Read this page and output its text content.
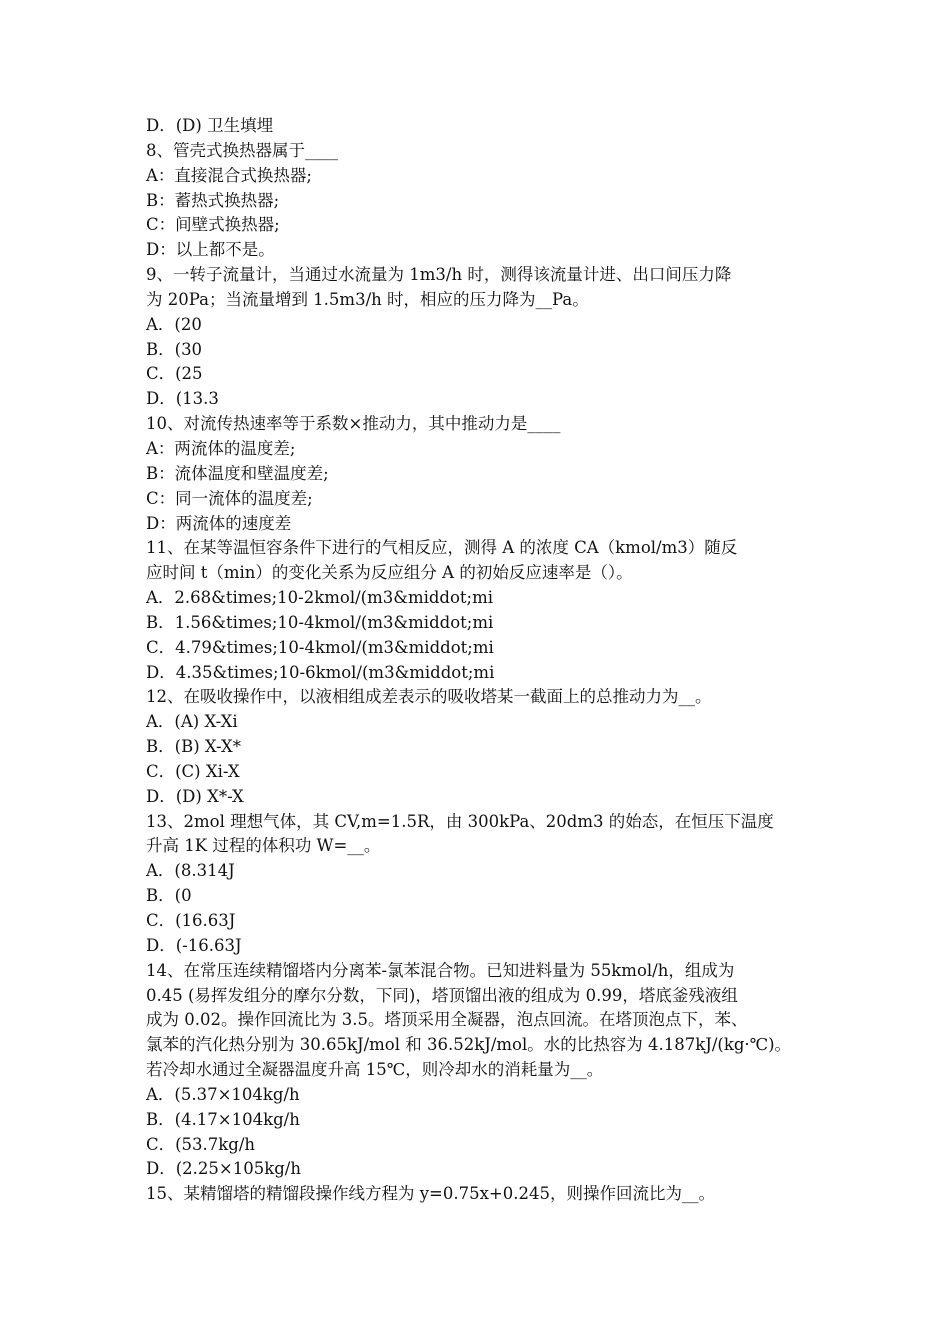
D．(D) 卫生填埋
8、管壳式换热器属于____
A：直接混合式换热器;
B：蓄热式换热器;
C：间壁式换热器;
D：以上都不是。
9、一转子流量计，当通过水流量为 1m3/h 时，测得该流量计进、出口间压力降
为 20Pa；当流量增到 1.5m3/h 时，相应的压力降为__Pa。
A．(20
B．(30
C．(25
D．(13.3
10、对流传热速率等于系数×推动力，其中推动力是____
A：两流体的温度差;
B：流体温度和壁温度差;
C：同一流体的温度差;
D：两流体的速度差
11、在某等温恒容条件下进行的气相反应，测得 A 的浓度 CA（kmol/m3）随反
应时间 t（min）的变化关系为反应组分 A 的初始反应速率是（）。
A．2.68&times;10-2kmol/(m3&middot;mi
B．1.56&times;10-4kmol/(m3&middot;mi
C．4.79&times;10-4kmol/(m3&middot;mi
D．4.35&times;10-6kmol/(m3&middot;mi
12、在吸收操作中，以液相组成差表示的吸收塔某一截面上的总推动力为__。
A．(A) X-Xi
B．(B) X-X*
C．(C) Xi-X
D．(D) X*-X
13、2mol 理想气体，其 CV,m=1.5R，由 300kPa、20dm3 的始态，在恒压下温度
升高 1K 过程的体积功 W=__。
A．(8.314J
B．(0
C．(16.63J
D．(-16.63J
14、在常压连续精馏塔内分离苯-氯苯混合物。已知进料量为 55kmol/h，组成为
0.45 (易挥发组分的摩尔分数，下同)，塔顶馏出液的组成为 0.99，塔底釜残液组
成为 0.02。操作回流比为 3.5。塔顶采用全凝器，泡点回流。在塔顶泡点下，苯、
氯苯的汽化热分别为 30.65kJ/mol 和 36.52kJ/mol。水的比热容为 4.187kJ/(kg·℃)。
若冷却水通过全凝器温度升高 15℃，则冷却水的消耗量为__。
A．(5.37×104kg/h
B．(4.17×104kg/h
C．(53.7kg/h
D．(2.25×105kg/h
15、某精馏塔的精馏段操作线方程为 y=0.75x+0.245，则操作回流比为__。
